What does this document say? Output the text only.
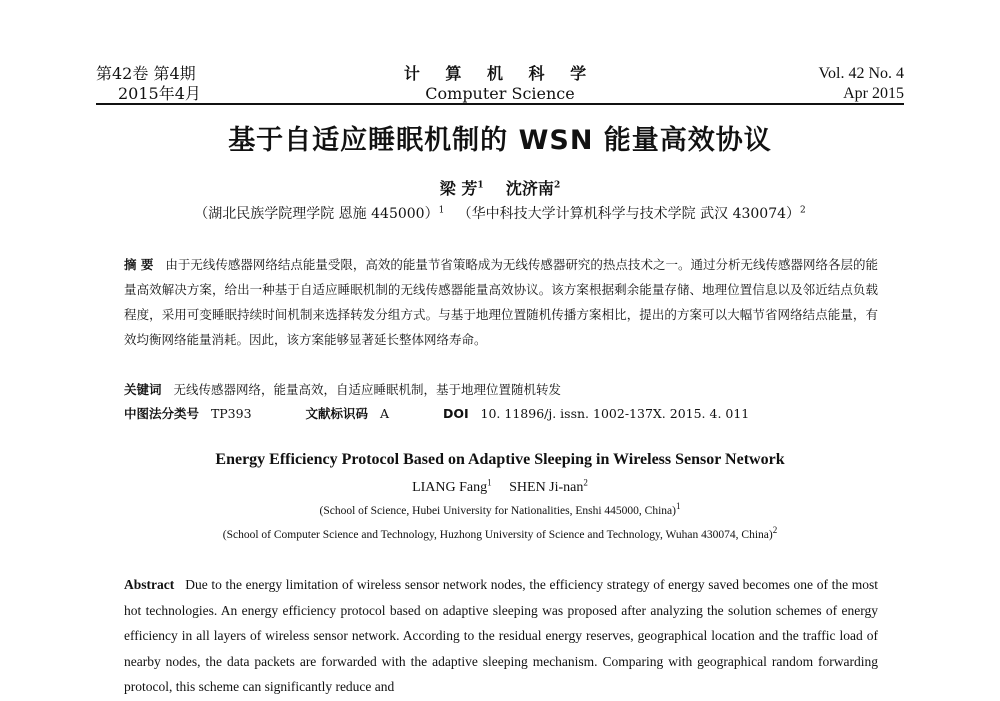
第42卷 第4期
2015年4月
计 算 机 科 学
Computer Science
Vol. 42 No. 4
Apr 2015
基于自适应睡眠机制的 WSN 能量高效协议
梁 芳$^1$ 沈济南$^2$
（湖北民族学院理学院 恩施 445000）$^1$ （华中科技大学计算机科学与技术学院 武汉 430074）$^2$
摘 要 由于无线传感器网络结点能量受限，高效的能量节省策略成为无线传感器研究的热点技术之一。通过分析无线传感器网络各层的能量高效解决方案，给出一种基于自适应睡眠机制的无线传感器能量高效协议。该方案根据剩余能量存储、地理位置信息以及邻近结点负载程度，采用可变睡眠持续时间机制来选择转发分组方式。与基于地理位置随机传播方案相比，提出的方案可以大幅节省网络结点能量，有效均衡网络能量消耗。因此，该方案能够显著延长整体网络寿命。
关键词 无线传感器网络，能量高效，自适应睡眠机制，基于地理位置随机转发
中图法分类号 TP393	文献标识码 A	DOI 10. 11896/j. issn. 1002-137X. 2015. 4. 011
Energy Efficiency Protocol Based on Adaptive Sleeping in Wireless Sensor Network
LIANG Fang$^1$ SHEN Ji-nan$^2$
(School of Science, Hubei University for Nationalities, Enshi 445000, China)$^1$
(School of Computer Science and Technology, Huzhong University of Science and Technology, Wuhan 430074, China)$^2$
Abstract Due to the energy limitation of wireless sensor network nodes, the efficiency strategy of energy saved becomes one of the most hot technologies. An energy efficiency protocol based on adaptive sleeping was proposed after analyzing the solution schemes of energy efficiency in all layers of wireless sensor network. According to the residual energy reserves, geographical location and the traffic load of nearby nodes, the data packets are forwarded with the adaptive sleeping mechanism. Comparing with geographical random forwarding protocol, this scheme can significantly reduce and
